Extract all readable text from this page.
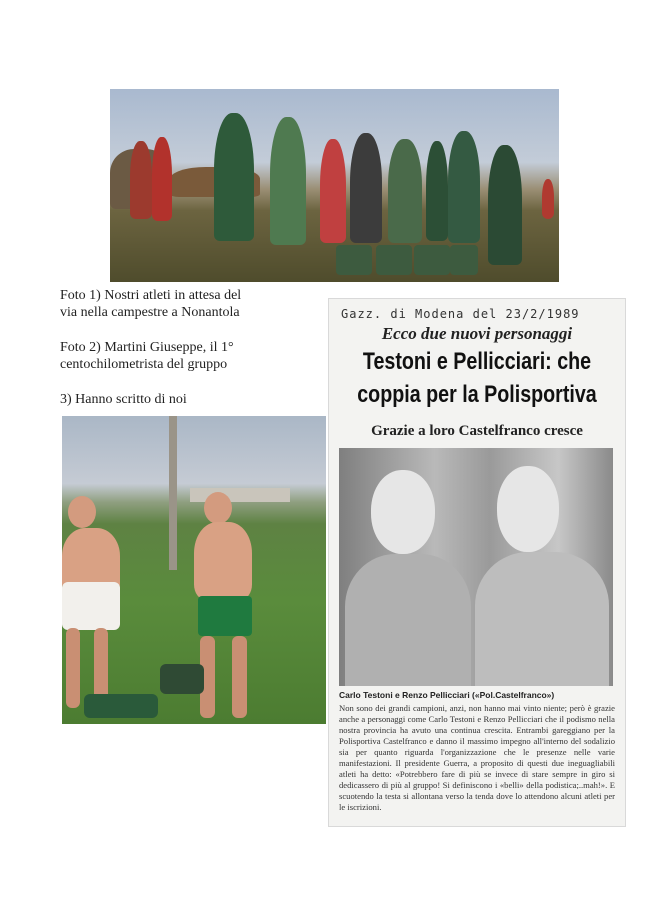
Foto 1) Nostri atleti in attesa del
via nella campestre a Nonantola
Foto 2) Martini Giuseppe, il 1°
centochilometrista del gruppo
3) Hanno scritto di noi
Gazz. di Modena del 23/2/1989
Ecco due nuovi personaggi
Testoni e Pellicciari: che
coppia per la Polisportiva
Grazie a loro Castelfranco cresce
Carlo Testoni e Renzo Pellicciari («Pol.Castelfranco»)
Non sono dei grandi campioni, anzi, non hanno mai vinto niente; però è grazie anche a personaggi come Carlo Testoni e Renzo Pellicciari che il podismo nella nostra provincia ha avuto una continua crescita. Entrambi gareggiano per la Polisportiva Castelfranco e danno il massimo impegno all'interno del sodalizio sia per quanto riguarda l'organizzazione che le presenze nelle varie manifestazioni. Il presidente Guerra, a proposito di questi due ineguagliabili atleti ha detto: «Potrebbero fare di più se invece di stare sempre in giro si dedicassero di più al gruppo! Si definiscono i «belli» della podistica;..mah!». E scuotendo la testa si allontana verso la tenda dove lo attendono alcuni atleti per le iscrizioni.
